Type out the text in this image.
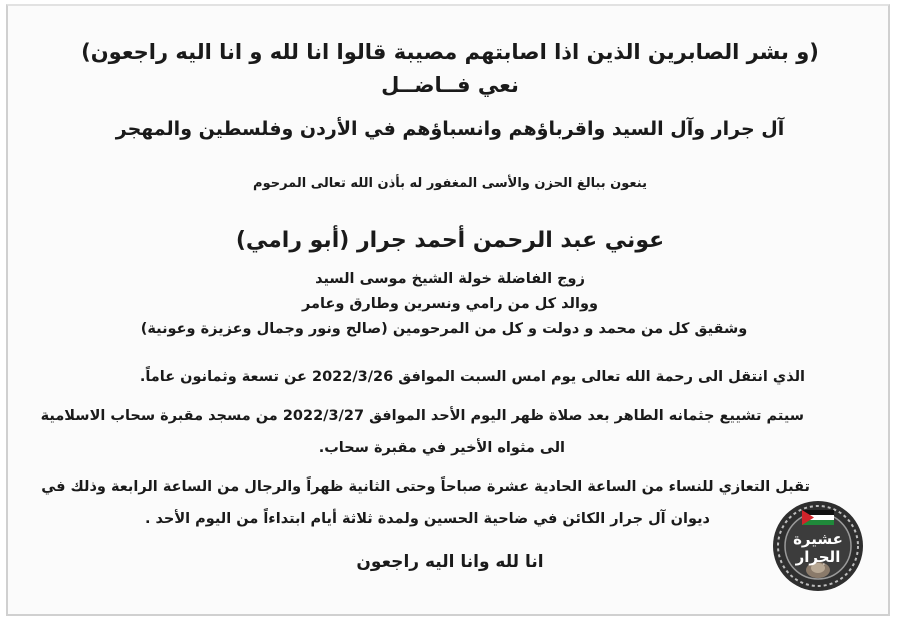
(و بشر الصابرين الذين اذا اصابتهم مصيبة قالوا انا لله و انا اليه راجعون)
نعي فــاضــل
آل جرار وآل السيد واقرباؤهم وانسباؤهم في الأردن وفلسطين والمهجر
ينعون ببالغ الحزن والأسى المغفور له بأذن الله تعالى المرحوم
عوني عبد الرحمن أحمد جرار (أبو رامي)
زوج الفاضلة خولة الشيخ موسى السيد
ووالد كل من رامي ونسرين وطارق وعامر
وشقيق كل من محمد و دولت و كل من المرحومين (صالح ونور وجمال وعزيزة وعونية)
الذي انتقل الى رحمة الله تعالى يوم امس السبت الموافق 2022/3/26 عن تسعة وثمانون عاماً.
سيتم تشييع جثمانه الطاهر بعد صلاة ظهر اليوم الأحد الموافق 2022/3/27 من مسجد مقبرة سحاب الاسلامية
الى مثواه الأخير في مقبرة سحاب.
تقبل التعازي للنساء من الساعة الحادية عشرة صباحاً وحتى الثانية ظهراً والرجال من الساعة الرابعة وذلك في
ديوان آل جرار الكائن في ضاحية الحسين ولمدة ثلاثة أيام ابتداءاً من اليوم الأحد .
انا لله وانا اليه راجعون
عشيرة الجرار
